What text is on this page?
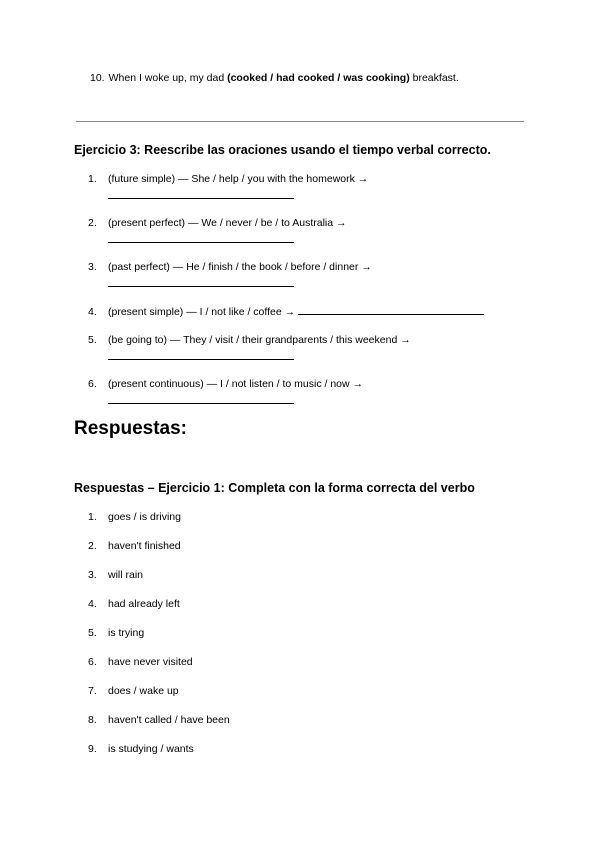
10. When I woke up, my dad (cooked / had cooked / was cooking) breakfast.
Ejercicio 3: Reescribe las oraciones usando el tiempo verbal correcto.
1. (future simple) — She / help / you with the homework →
2. (present perfect) — We / never / be / to Australia →
3. (past perfect) — He / finish / the book / before / dinner →
4. (present simple) — I / not like / coffee →
5. (be going to) — They / visit / their grandparents / this weekend →
6. (present continuous) — I / not listen / to music / now →
Respuestas:
Respuestas – Ejercicio 1: Completa con la forma correcta del verbo
1. goes / is driving
2. haven't finished
3. will rain
4. had already left
5. is trying
6. have never visited
7. does / wake up
8. haven't called / have been
9. is studying / wants
